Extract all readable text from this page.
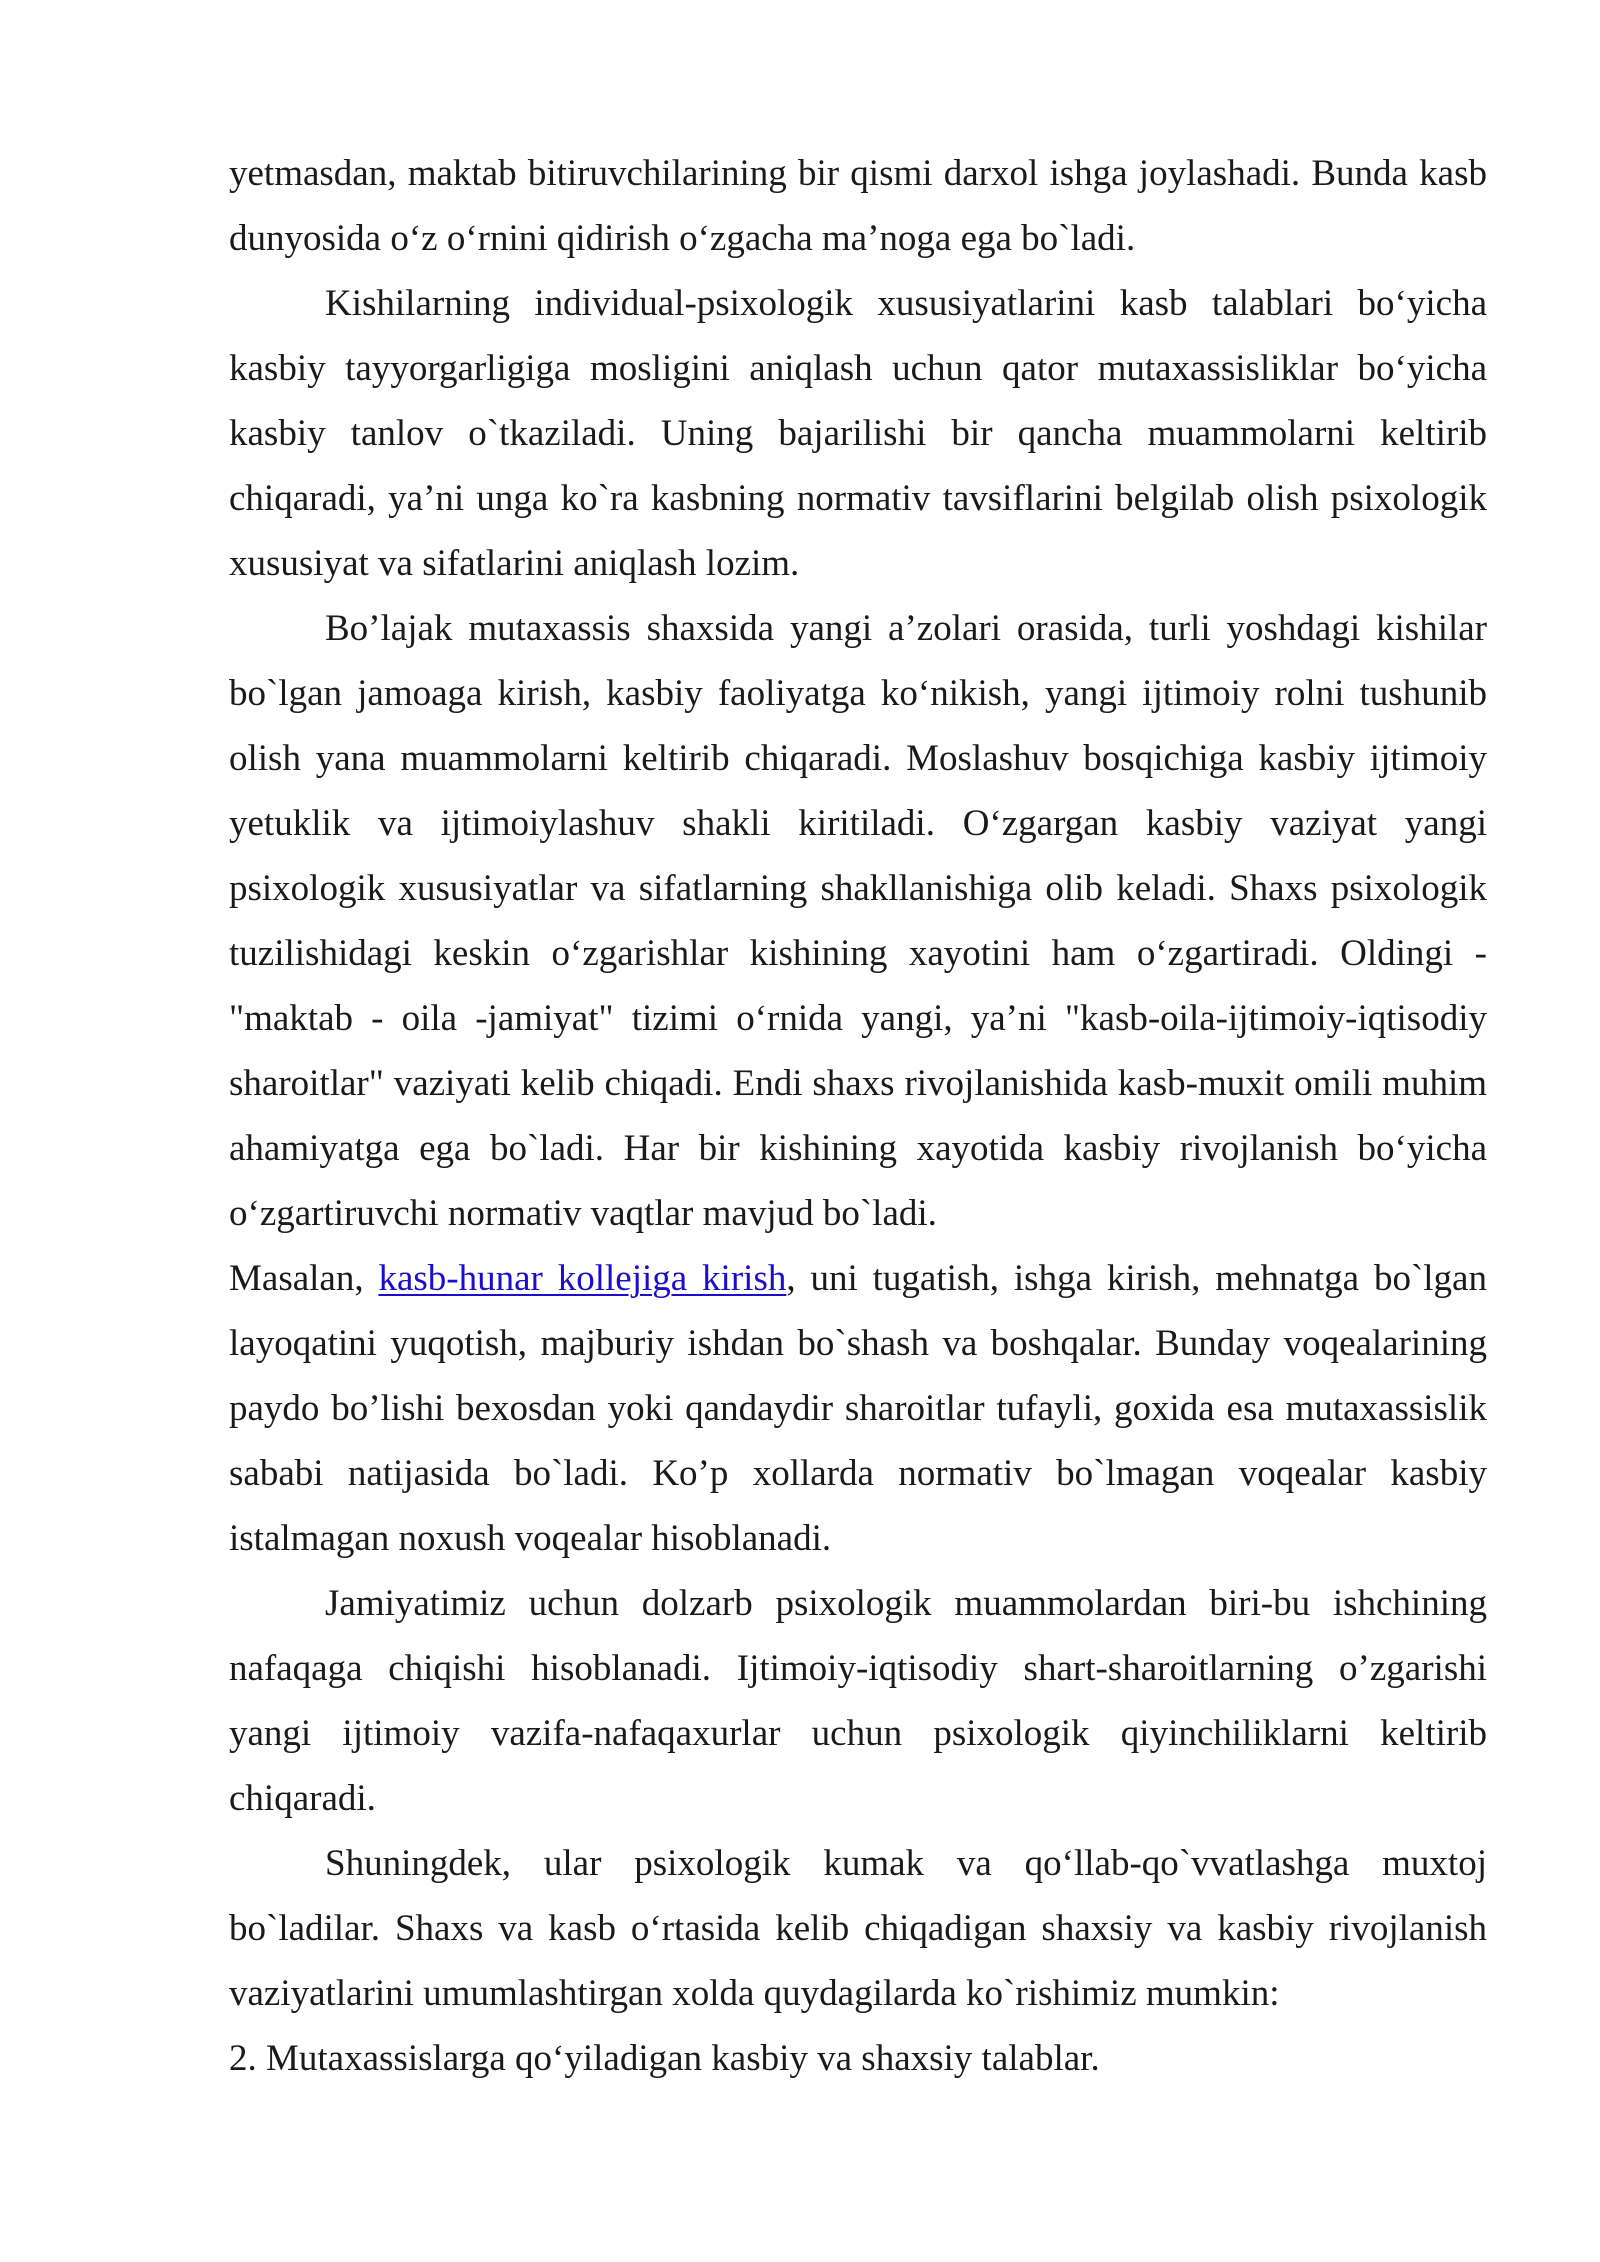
yetmasdan, maktab bitiruvchilarining bir qismi darxol ishga joylashadi. Bunda kasb dunyosida o‘z o‘rnini qidirish o‘zgacha ma’noga ega bo`ladi.

Kishilarning individual-psixologik xususiyatlarini kasb talablari bo‘yicha kasbiy tayyorgarligiga mosligini aniqlash uchun qator mutaxassisliklar bo‘yicha kasbiy tanlov o`tkaziladi. Uning bajarilishi bir qancha muammolarni keltirib chiqaradi, ya’ni unga ko`ra kasbning normativ tavsiflarini belgilab olish psixologik xususiyat va sifatlarini aniqlash lozim.

Bo’lajak mutaxassis shaxsida yangi a’zolari orasida, turli yoshdagi kishilar bo`lgan jamoaga kirish, kasbiy faoliyatga ko‘nikish, yangi ijtimoiy rolni tushunib olish yana muammolarni keltirib chiqaradi. Moslashuv bosqichiga kasbiy ijtimoiy yetuklik va ijtimoiylashuv shakli kiritiladi. O‘zgargan kasbiy vaziyat yangi psixologik xususiyatlar va sifatlarning shakllanishiga olib keladi. Shaxs psixologik tuzilishidagi keskin o‘zgarishlar kishining xayotini ham o‘zgartiradi. Oldingi - "maktab - oila -jamiyat" tizimi o‘rnida yangi, ya’ni "kasb-oila-ijtimoiy-iqtisodiy sharoitlar" vaziyati kelib chiqadi. Endi shaxs rivojlanishida kasb-muxit omili muhim ahamiyatga ega bo`ladi. Har bir kishining xayotida kasbiy rivojlanish bo‘yicha o‘zgartiruvchi normativ vaqtlar mavjud bo`ladi.

Masalan, kasb-hunar kollejiga kirish, uni tugatish, ishga kirish, mehnatga bo`lgan layoqatini yuqotish, majburiy ishdan bo`shash va boshqalar. Bunday voqealarining paydo bo’lishi bexosdan yoki qandaydir sharoitlar tufayli, goxida esa mutaxassislik sababi natijasida bo`ladi. Ko’p xollarda normativ bo`lmagan voqealar kasbiy istalmagan noxush voqealar hisoblanadi.

Jamiyatimiz uchun dolzarb psixologik muammolardan biri-bu ishchining nafaqaga chiqishi hisoblanadi. Ijtimoiy-iqtisodiy shart-sharoitlarning o’zgarishi yangi ijtimoiy vazifa-nafaqaxurlar uchun psixologik qiyinchiliklarni keltirib chiqaradi.

Shuningdek, ular psixologik kumak va qo‘llab-qo`vvatlashga muxtoj bo`ladilar. Shaxs va kasb o‘rtasida kelib chiqadigan shaxsiy va kasbiy rivojlanish vaziyatlarini umumlashtirgan xolda quydagilarda ko`rishimiz mumkin:

2. Mutaxassislarga qo‘yiladigan kasbiy va shaxsiy talablar.
